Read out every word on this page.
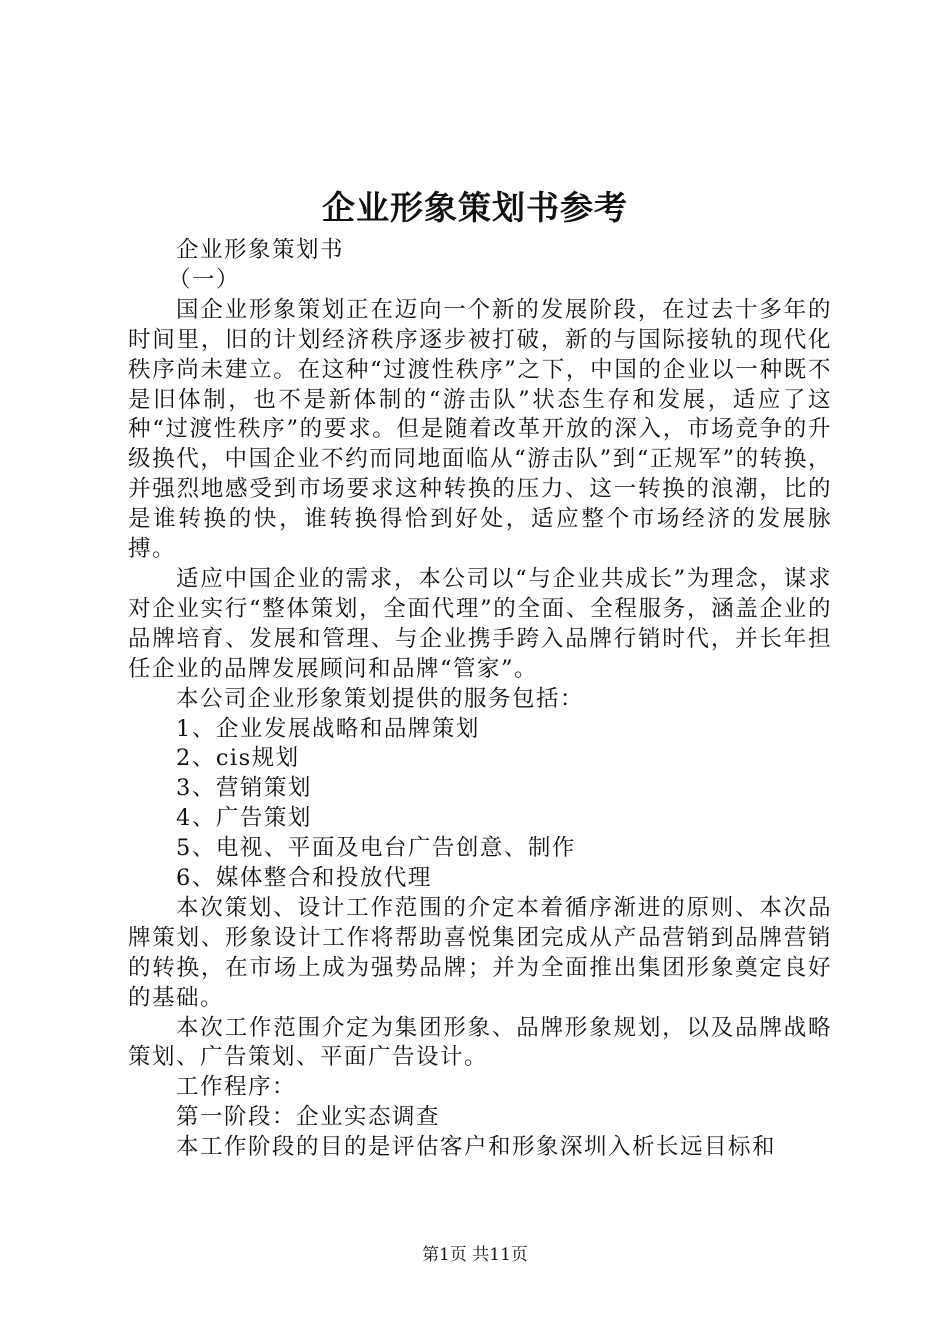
企业形象策划书参考

企业形象策划书

（一）

国企业形象策划正在迈向一个新的发展阶段，在过去十多年的时间里，旧的计划经济秩序逐步被打破，新的与国际接轨的现代化秩序尚未建立。在这种“过渡性秩序”之下，中国的企业以一种既不是旧体制，也不是新体制的“游击队”状态生存和发展，适应了这种“过渡性秩序”的要求。但是随着改革开放的深入，市场竞争的升级换代，中国企业不约而同地面临从“游击队”到“正规军”的转换，并强烈地感受到市场要求这种转换的压力、这一转换的浪潮，比的是谁转换的快，谁转换得恰到好处，适应整个市场经济的发展脉搏。

适应中国企业的需求，本公司以“与企业共成长”为理念，谋求对企业实行“整体策划，全面代理”的全面、全程服务，涵盖企业的品牌培育、发展和管理、与企业携手跨入品牌行销时代，并长年担任企业的品牌发展顾问和品牌“管家”。

本公司企业形象策划提供的服务包括：

1、企业发展战略和品牌策划

2、cis规划

3、营销策划

4、广告策划

5、电视、平面及电台广告创意、制作

6、媒体整合和投放代理

本次策划、设计工作范围的介定本着循序渐进的原则、本次品牌策划、形象设计工作将帮助喜悦集团完成从产品营销到品牌营销的转换，在市场上成为强势品牌；并为全面推出集团形象奠定良好的基础。

本次工作范围介定为集团形象、品牌形象规划，以及品牌战略策划、广告策划、平面广告设计。

工作程序：

第一阶段：企业实态调查

本工作阶段的目的是评估客户和形象深圳入析长远目标和

第1页 共11页
